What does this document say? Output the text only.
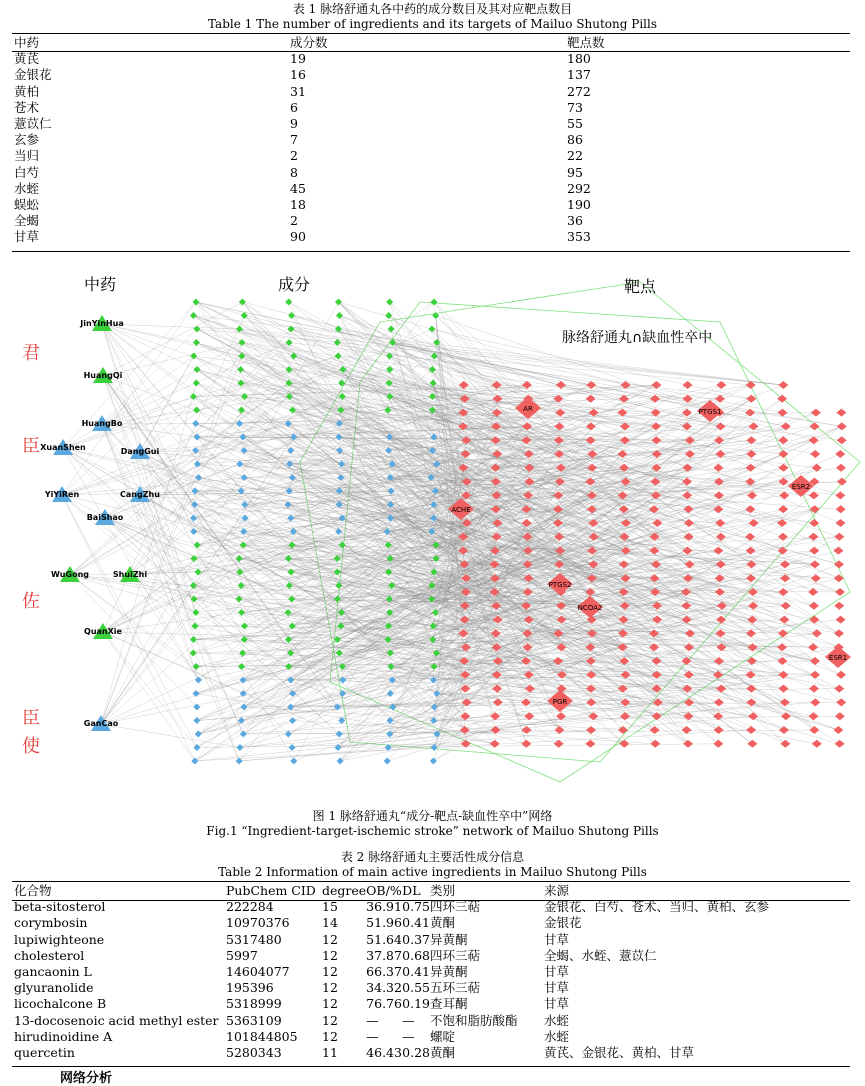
表 1 脉络舒通丸各中药的成分数目及其对应靶点数目
Table 1 The number of ingredients and its targets of Mailuo Shutong Pills
中药	成分数	靶点数
黄芪	19	180
金银花	16	137
黄柏	31	272
苍术	6	73
薏苡仁	9	55
玄参	7	86
当归	2	22
白芍	8	95
水蛭	45	292
蜈蚣	18	190
全蝎	2	36
甘草	90	353
ESR1
ESR2
AR
ACHE
PTGS2
PTGS1
NCOA2
PGR
JinYinHua
HuangQi
HuangBo
XuanShen	DangGui
YiYiRen	CangZhu
BaiShao
WuGong	ShuiZhi
QuanXie
GanCao
中药	成分	靶点
脉络舒通丸∩缺血性卒中
君
臣
佐
臣
使
图 1 脉络舒通丸“成分-靶点-缺血性卒中”网络
Fig.1 “Ingredient-target-ischemic stroke” network of Mailuo Shutong Pills
表 2 脉络舒通丸主要活性成分信息
Table 2 Information of main active ingredients in Mailuo Shutong Pills
化合物	PubChem CID	degree	OB/%	DL	类别	来源
beta-sitosterol	222284	15	36.91	0.75	四环三萜	金银花、白芍、苍术、当归、黄柏、玄参
corymbosin	10970376	14	51.96	0.41	黄酮	金银花
lupiwighteone	5317480	12	51.64	0.37	异黄酮	甘草
cholesterol	5997	12	37.87	0.68	四环三萜	全蝎、水蛭、薏苡仁
gancaonin L	14604077	12	66.37	0.41	异黄酮	甘草
glyuranolide	195396	12	34.32	0.55	五环三萜	甘草
licochalcone B	5318999	12	76.76	0.19	查耳酮	甘草
13-docosenoic acid methyl ester	5363109	12	—	—	不饱和脂肪酸酯	水蛭
hirudinoidine A	101844805	12	—	—	螺啶	水蛭
quercetin	5280343	11	46.43	0.28	黄酮	黄芪、金银花、黄柏、甘草
网络分析
